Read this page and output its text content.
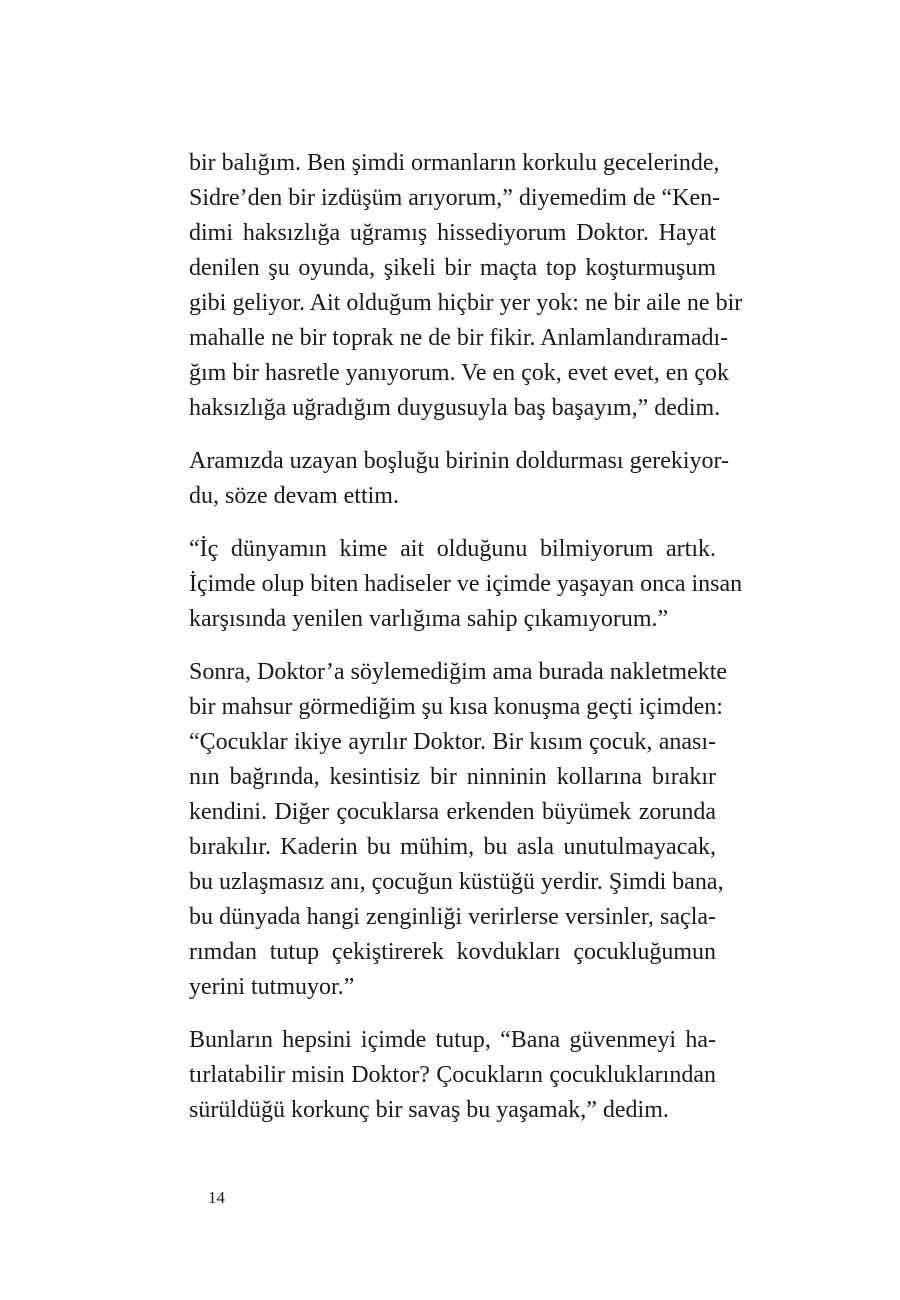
bir balığım. Ben şimdi ormanların korkulu gecelerinde,
Sidre’den bir izdüşüm arıyorum,” diyemedim de “Ken-
dimi haksızlığa uğramış hissediyorum Doktor. Hayat
denilen şu oyunda, şikeli bir maçta top koşturmuşum
gibi geliyor. Ait olduğum hiçbir yer yok: ne bir aile ne bir
mahalle ne bir toprak ne de bir fikir. Anlamlandıramadı-
ğım bir hasretle yanıyorum. Ve en çok, evet evet, en çok
haksızlığa uğradığım duygusuyla baş başayım,” dedim.

Aramızda uzayan boşluğu birinin doldurması gerekiyor-
du, söze devam ettim.

“İç dünyamın kime ait olduğunu bilmiyorum artık.
İçimde olup biten hadiseler ve içimde yaşayan onca insan
karşısında yenilen varlığıma sahip çıkamıyorum.”

Sonra, Doktor’a söylemediğim ama burada nakletmekte
bir mahsur görmediğim şu kısa konuşma geçti içimden:
“Çocuklar ikiye ayrılır Doktor. Bir kısım çocuk, anası-
nın bağrında, kesintisiz bir ninninin kollarına bırakır
kendini. Diğer çocuklarsa erkenden büyümek zorunda
bırakılır. Kaderin bu mühim, bu asla unutulmayacak,
bu uzlaşmasız anı, çocuğun küstüğü yerdir. Şimdi bana,
bu dünyada hangi zenginliği verirlerse versinler, saçla-
rımdan tutup çekiştirerek kovdukları çocukluğumun
yerini tutmuyor.”

Bunların hepsini içimde tutup, “Bana güvenmeyi ha-
tırlatabilir misin Doktor? Çocukların çocukluklarından
sürüldüğü korkunç bir savaş bu yaşamak,” dedim.

14
